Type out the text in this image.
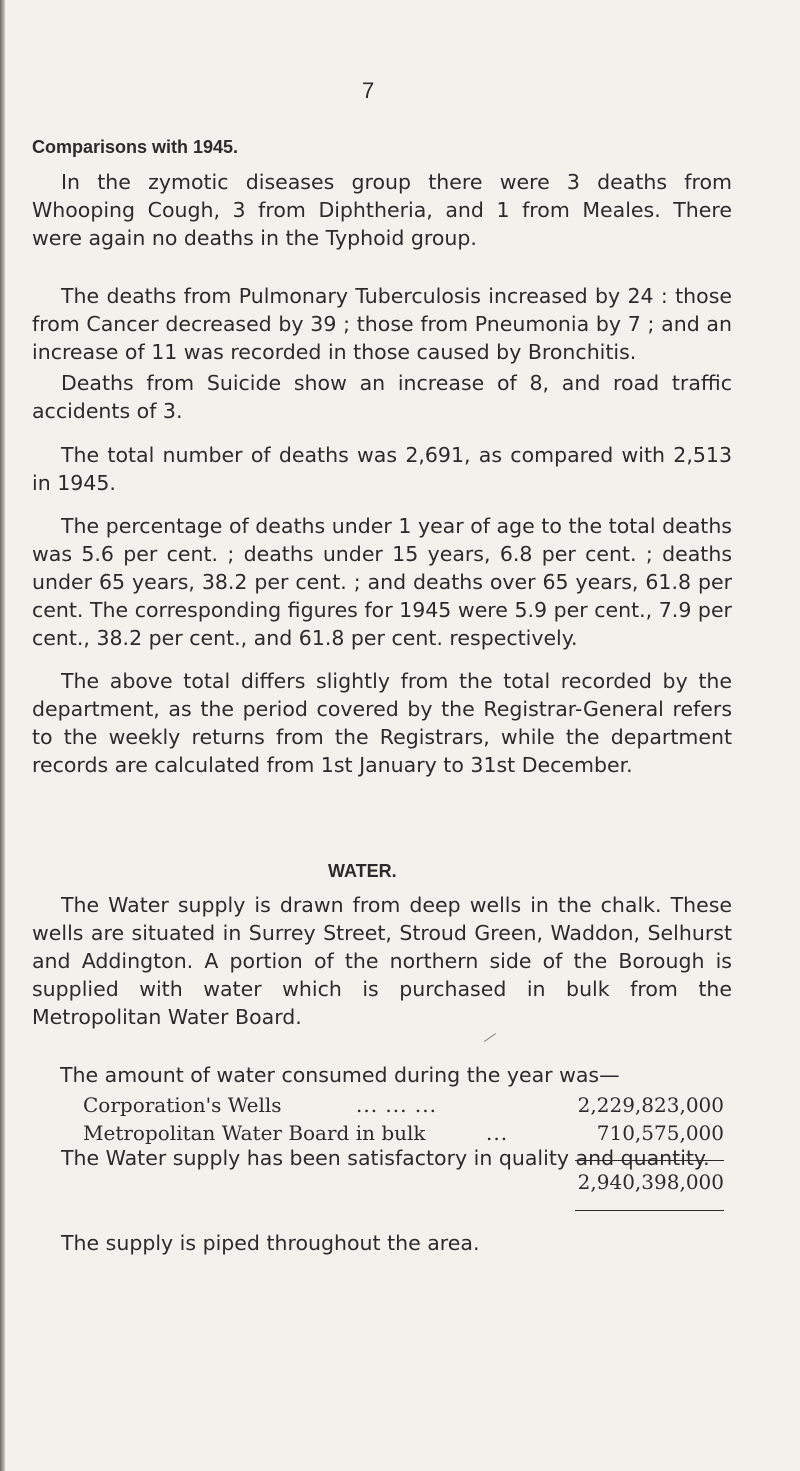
7
Comparisons with 1945.

In the zymotic diseases group there were 3 deaths from Whooping Cough, 3 from Diphtheria, and 1 from Meales. There were again no deaths in the Typhoid group.

The deaths from Pulmonary Tuberculosis increased by 24 : those from Cancer decreased by 39 ; those from Pneumonia by 7 ; and an increase of 11 was recorded in those caused by Bronchitis.

Deaths from Suicide show an increase of 8, and road traffic accidents of 3.

The total number of deaths was 2,691, as compared with 2,513 in 1945.

The percentage of deaths under 1 year of age to the total deaths was 5.6 per cent. ; deaths under 15 years, 6.8 per cent. ; deaths under 65 years, 38.2 per cent. ; and deaths over 65 years, 61.8 per cent. The corresponding figures for 1945 were 5.9 per cent., 7.9 per cent., 38.2 per cent., and 61.8 per cent. respectively.

The above total differs slightly from the total recorded by the department, as the period covered by the Registrar-General refers to the weekly returns from the Registrars, while the department records are calculated from 1st January to 31st December.

WATER.

The Water supply is drawn from deep wells in the chalk. These wells are situated in Surrey Street, Stroud Green, Waddon, Selhurst and Addington. A portion of the northern side of the Borough is supplied with water which is purchased in bulk from the Metropolitan Water Board.

The amount of water consumed during the year was—
Corporation's Wells	... ... ...	2,229,823,000
Metropolitan Water Board in bulk	...	710,575,000
2,940,398,000

The Water supply has been satisfactory in quality and quantity.

The supply is piped throughout the area.
